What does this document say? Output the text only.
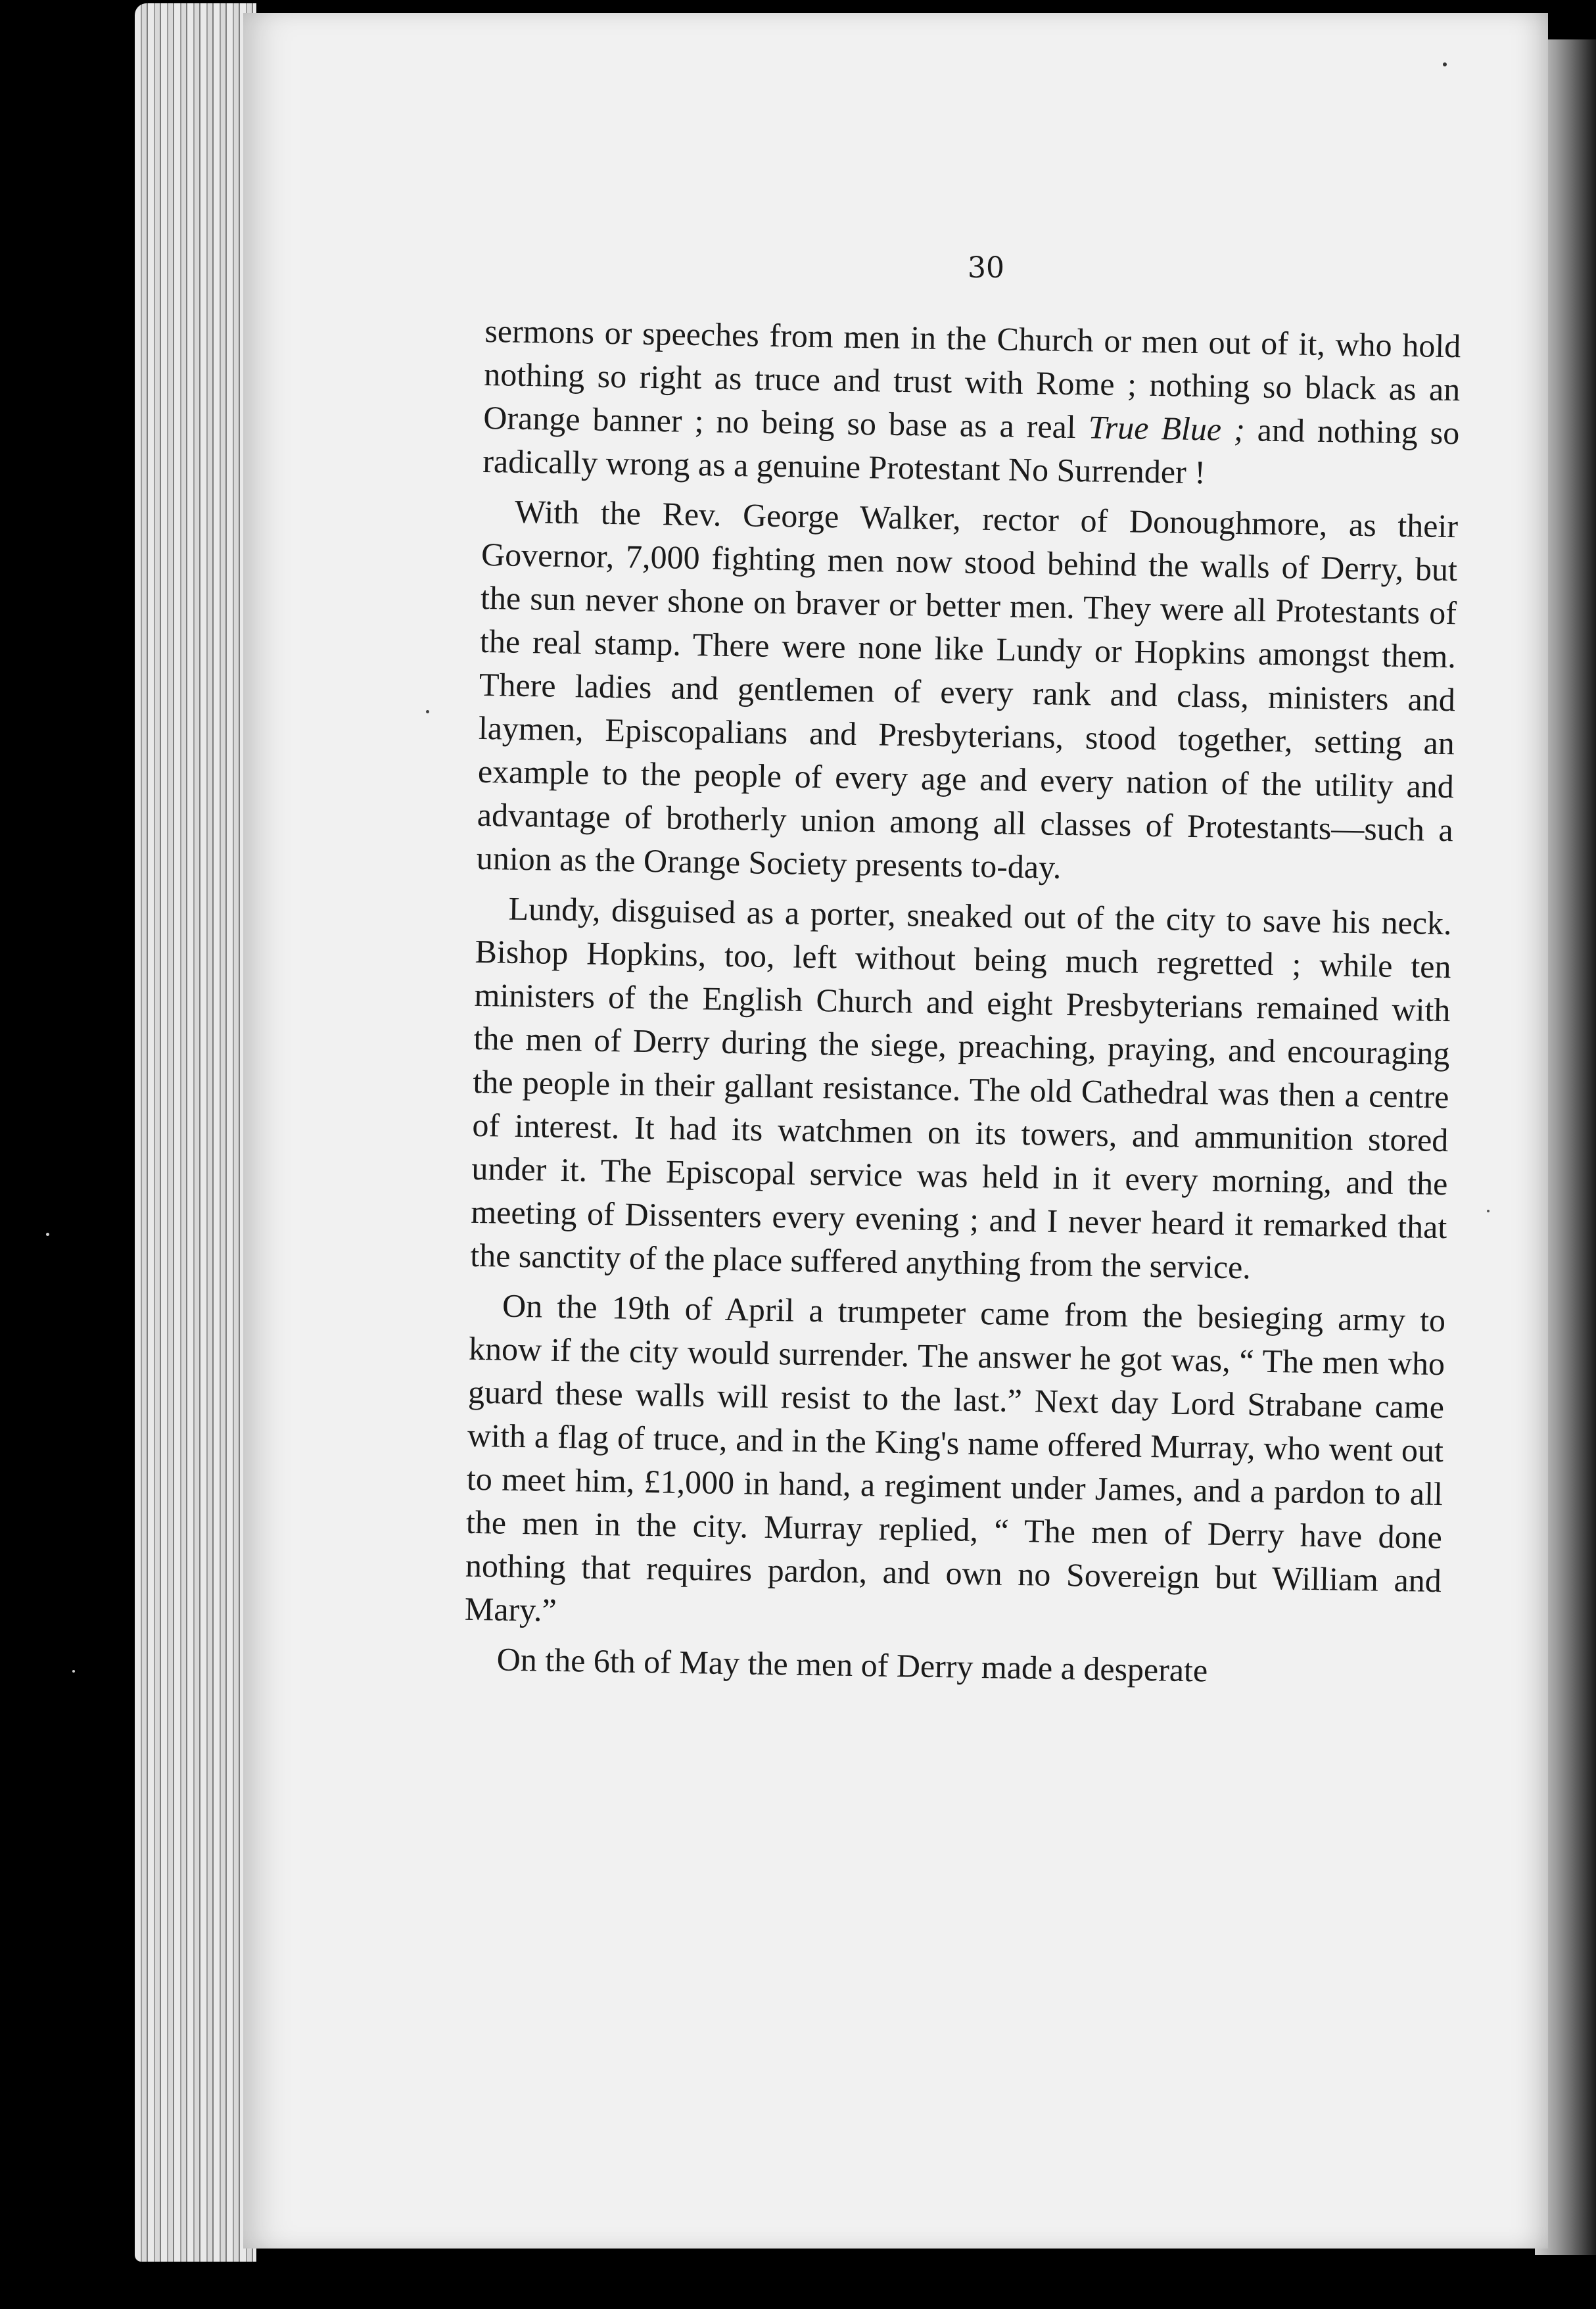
30

sermons or speeches from men in the Church or men out of it, who hold nothing so right as truce and trust with Rome ; nothing so black as an Orange banner ; no being so base as a real True Blue ; and nothing so radically wrong as a genuine Protestant No Surrender !

With the Rev. George Walker, rector of Donoughmore, as their Governor, 7,000 fighting men now stood behind the walls of Derry, but the sun never shone on braver or better men. They were all Protestants of the real stamp. There were none like Lundy or Hopkins amongst them. There ladies and gentlemen of every rank and class, ministers and laymen, Episcopalians and Presbyterians, stood together, setting an example to the people of every age and every nation of the utility and advantage of brotherly union among all classes of Protestants—such a union as the Orange Society presents to-day.

Lundy, disguised as a porter, sneaked out of the city to save his neck. Bishop Hopkins, too, left without being much regretted ; while ten ministers of the English Church and eight Presbyterians remained with the men of Derry during the siege, preaching, praying, and encouraging the people in their gallant resistance. The old Cathedral was then a centre of interest. It had its watchmen on its towers, and ammunition stored under it. The Episcopal service was held in it every morning, and the meeting of Dissenters every evening ; and I never heard it remarked that the sanctity of the place suffered anything from the service.

On the 19th of April a trumpeter came from the besieging army to know if the city would surrender. The answer he got was, “ The men who guard these walls will resist to the last.” Next day Lord Strabane came with a flag of truce, and in the King's name offered Murray, who went out to meet him, £1,000 in hand, a regiment under James, and a pardon to all the men in the city. Murray replied, “ The men of Derry have done nothing that requires pardon, and own no Sovereign but William and Mary.”

On the 6th of May the men of Derry made a desperate
